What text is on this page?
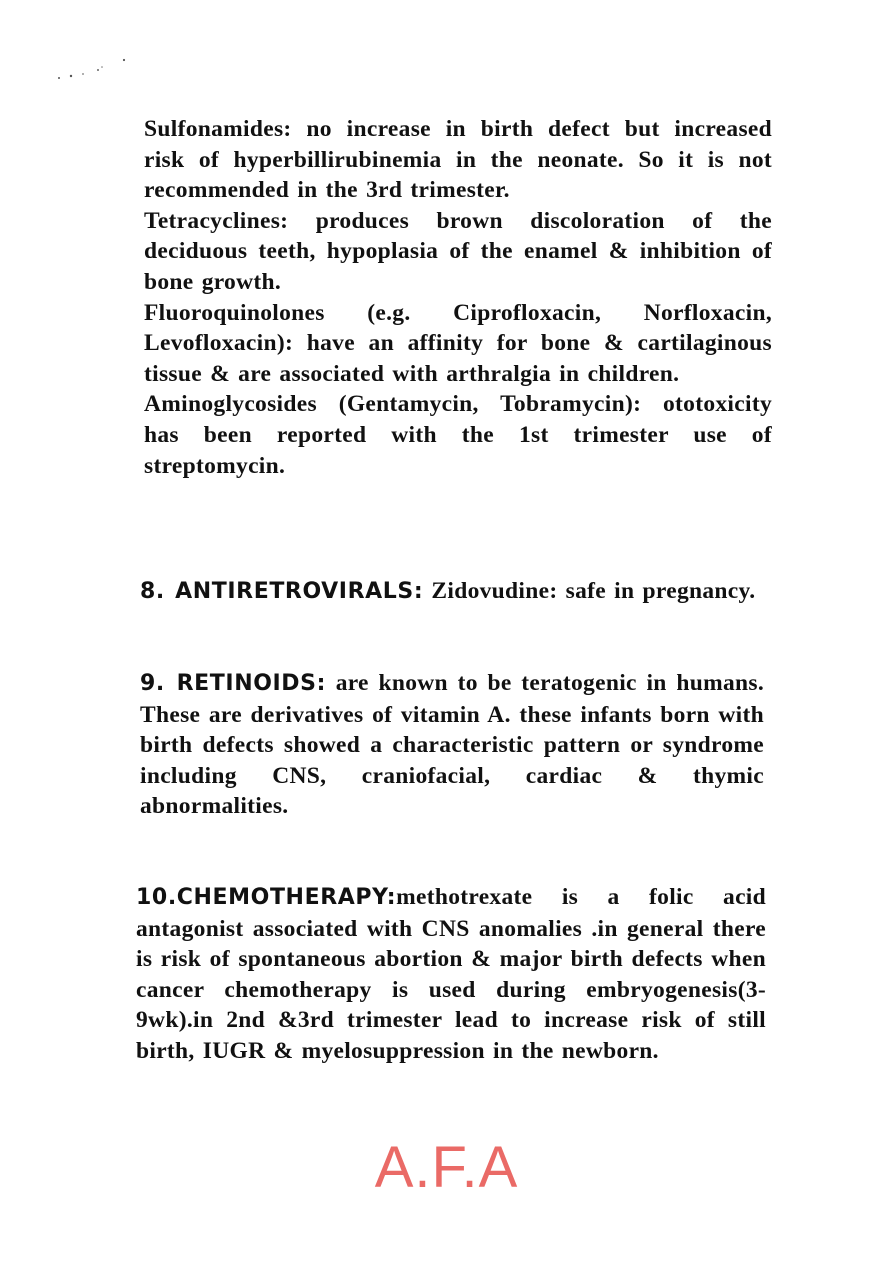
Sulfonamides: no increase in birth defect but increased risk of hyperbillirubinemia in the neonate. So it is not recommended in the 3rd trimester.

Tetracyclines: produces brown discoloration of the deciduous teeth, hypoplasia of the enamel & inhibition of bone growth.

Fluoroquinolones (e.g. Ciprofloxacin, Norfloxacin, Levofloxacin): have an affinity for bone & cartilaginous tissue & are associated with arthralgia in children.

Aminoglycosides (Gentamycin, Tobramycin): ototoxicity has been reported with the 1st trimester use of streptomycin.

8. ANTIRETROVIRALS: Zidovudine: safe in pregnancy.

9. RETINOIDS: are known to be teratogenic in humans. These are derivatives of vitamin A. these infants born with birth defects showed a characteristic pattern or syndrome including CNS, craniofacial, cardiac & thymic abnormalities.

10.CHEMOTHERAPY:methotrexate is a folic acid antagonist associated with CNS anomalies .in general there is risk of spontaneous abortion & major birth defects when cancer chemotherapy is used during embryogenesis(3-9wk).in 2nd &3rd trimester lead to increase risk of still birth, IUGR & myelosuppression in the newborn.

A.F.A
